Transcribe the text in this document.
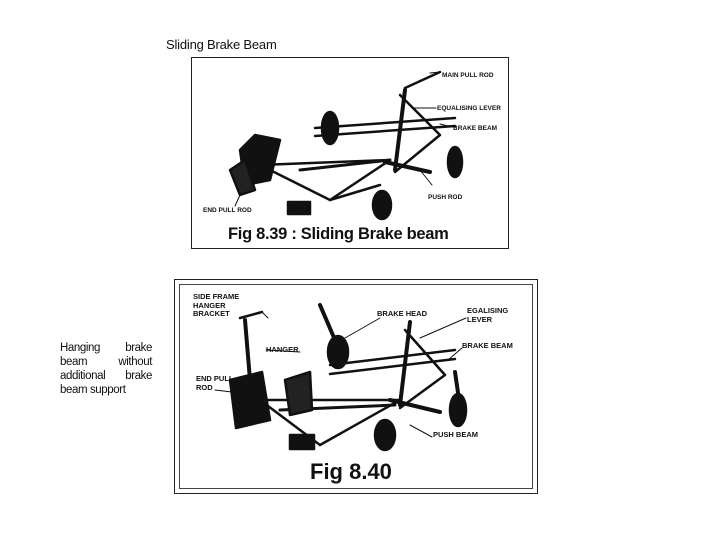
Sliding Brake Beam
MAIN PULL ROD
EQUALISING LEVER
BRAKE BEAM
PUSH ROD
END PULL ROD
Fig 8.39 : Sliding Brake beam
SIDE FRAME
HANGER
BRACKET	BRAKE HEAD	EGALISING
LEVER
HANGER	BRAKE BEAM
END PULL
ROD
PUSH BEAM
Fig 8.40
Hanging brake
beam without
additional brake
beam support
